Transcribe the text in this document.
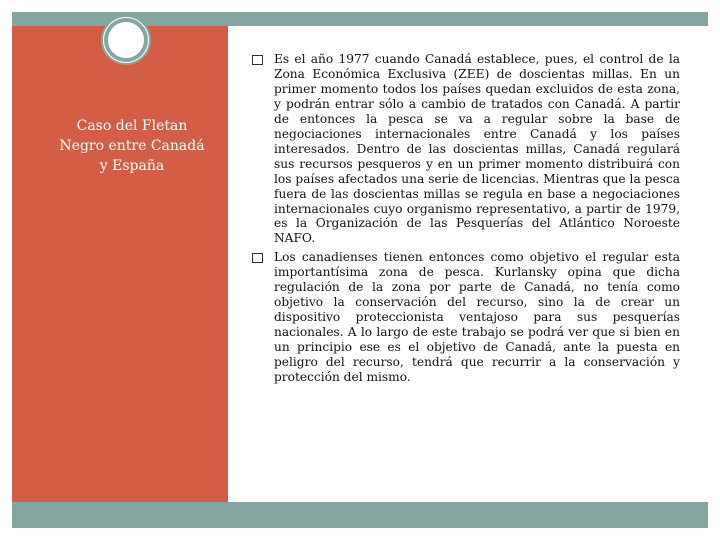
Caso del Fletan
Negro entre Canadá
y España

Es el año 1977 cuando Canadá establece, pues, el control de la Zona Económica Exclusiva (ZEE) de doscientas millas. En un primer momento todos los países quedan excluidos de esta zona, y podrán entrar sólo a cambio de tratados con Canadá. A partir de entonces la pesca se va a regular sobre la base de negociaciones internacionales entre Canadá y los países interesados. Dentro de las doscientas millas, Canadá regulará sus recursos pesqueros y en un primer momento distribuirá con los países afectados una serie de licencias. Mientras que la pesca fuera de las doscientas millas se regula en base a negociaciones internacionales cuyo organismo representativo, a partir de 1979, es la Organización de las Pesquerías del Atlántico Noroeste NAFO.

Los canadienses tienen entonces como objetivo el regular esta importantísima zona de pesca. Kurlansky opina que dicha regulación de la zona por parte de Canadá, no tenía como objetivo la conservación del recurso, sino la de crear un dispositivo proteccionista ventajoso para sus pesquerías nacionales. A lo largo de este trabajo se podrá ver que si bien en un principio ese es el objetivo de Canadá, ante la puesta en peligro del recurso, tendrá que recurrir a la conservación y protección del mismo.
